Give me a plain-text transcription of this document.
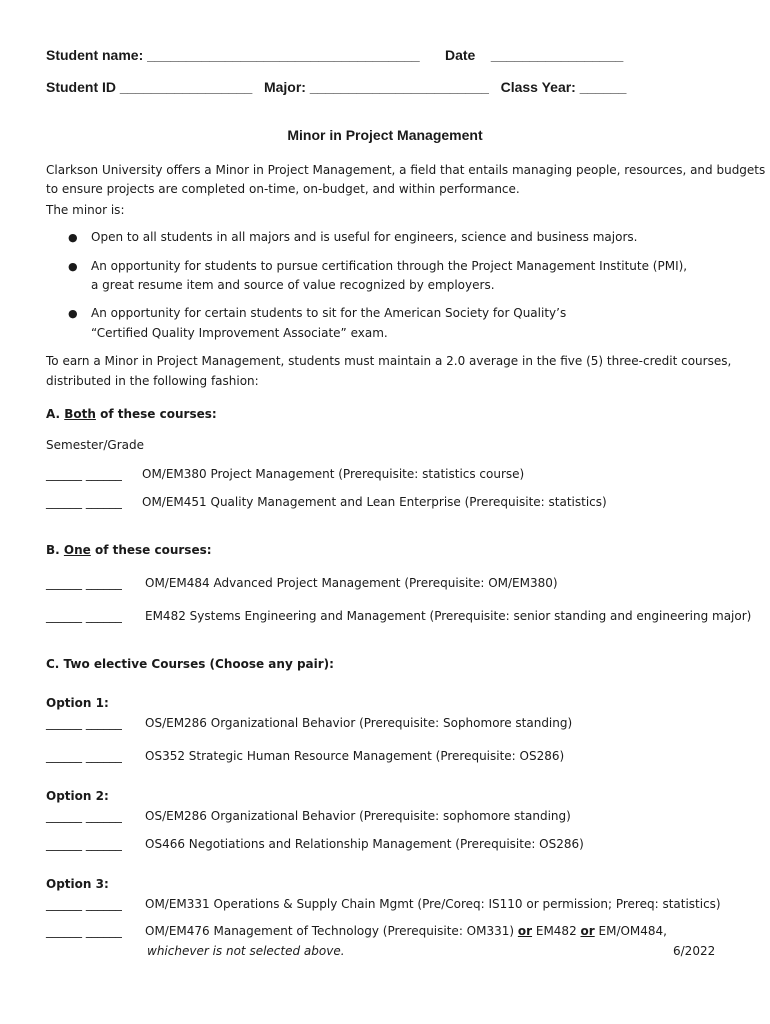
Student name: ___________________________________ Date _________________
Student ID _________________ Major: _______________________ Class Year: ______
Minor in Project Management
Clarkson University offers a Minor in Project Management, a field that entails managing people, resources, and budgets
to ensure projects are completed on-time, on-budget, and within performance.
The minor is:
● Open to all students in all majors and is useful for engineers, science and business majors.
● An opportunity for students to pursue certification through the Project Management Institute (PMI),
a great resume item and source of value recognized by employers.
● An opportunity for certain students to sit for the American Society for Quality’s
“Certified Quality Improvement Associate” exam.
To earn a Minor in Project Management, students must maintain a 2.0 average in the five (5) three-credit courses,
distributed in the following fashion:
A. Both of these courses:
Semester/Grade
______ ______ OM/EM380 Project Management (Prerequisite: statistics course)
______ ______ OM/EM451 Quality Management and Lean Enterprise (Prerequisite: statistics)
B. One of these courses:
______ ______ OM/EM484 Advanced Project Management (Prerequisite: OM/EM380)
______ ______ EM482 Systems Engineering and Management (Prerequisite: senior standing and engineering major)
C. Two elective Courses (Choose any pair):
Option 1:
______ ______ OS/EM286 Organizational Behavior (Prerequisite: Sophomore standing)
______ ______ OS352 Strategic Human Resource Management (Prerequisite: OS286)
Option 2:
______ ______ OS/EM286 Organizational Behavior (Prerequisite: sophomore standing)
______ ______ OS466 Negotiations and Relationship Management (Prerequisite: OS286)
Option 3:
______ ______ OM/EM331 Operations & Supply Chain Mgmt (Pre/Coreq: IS110 or permission; Prereq: statistics)
______ ______ OM/EM476 Management of Technology (Prerequisite: OM331) or EM482 or EM/OM484,
whichever is not selected above.	6/2022
